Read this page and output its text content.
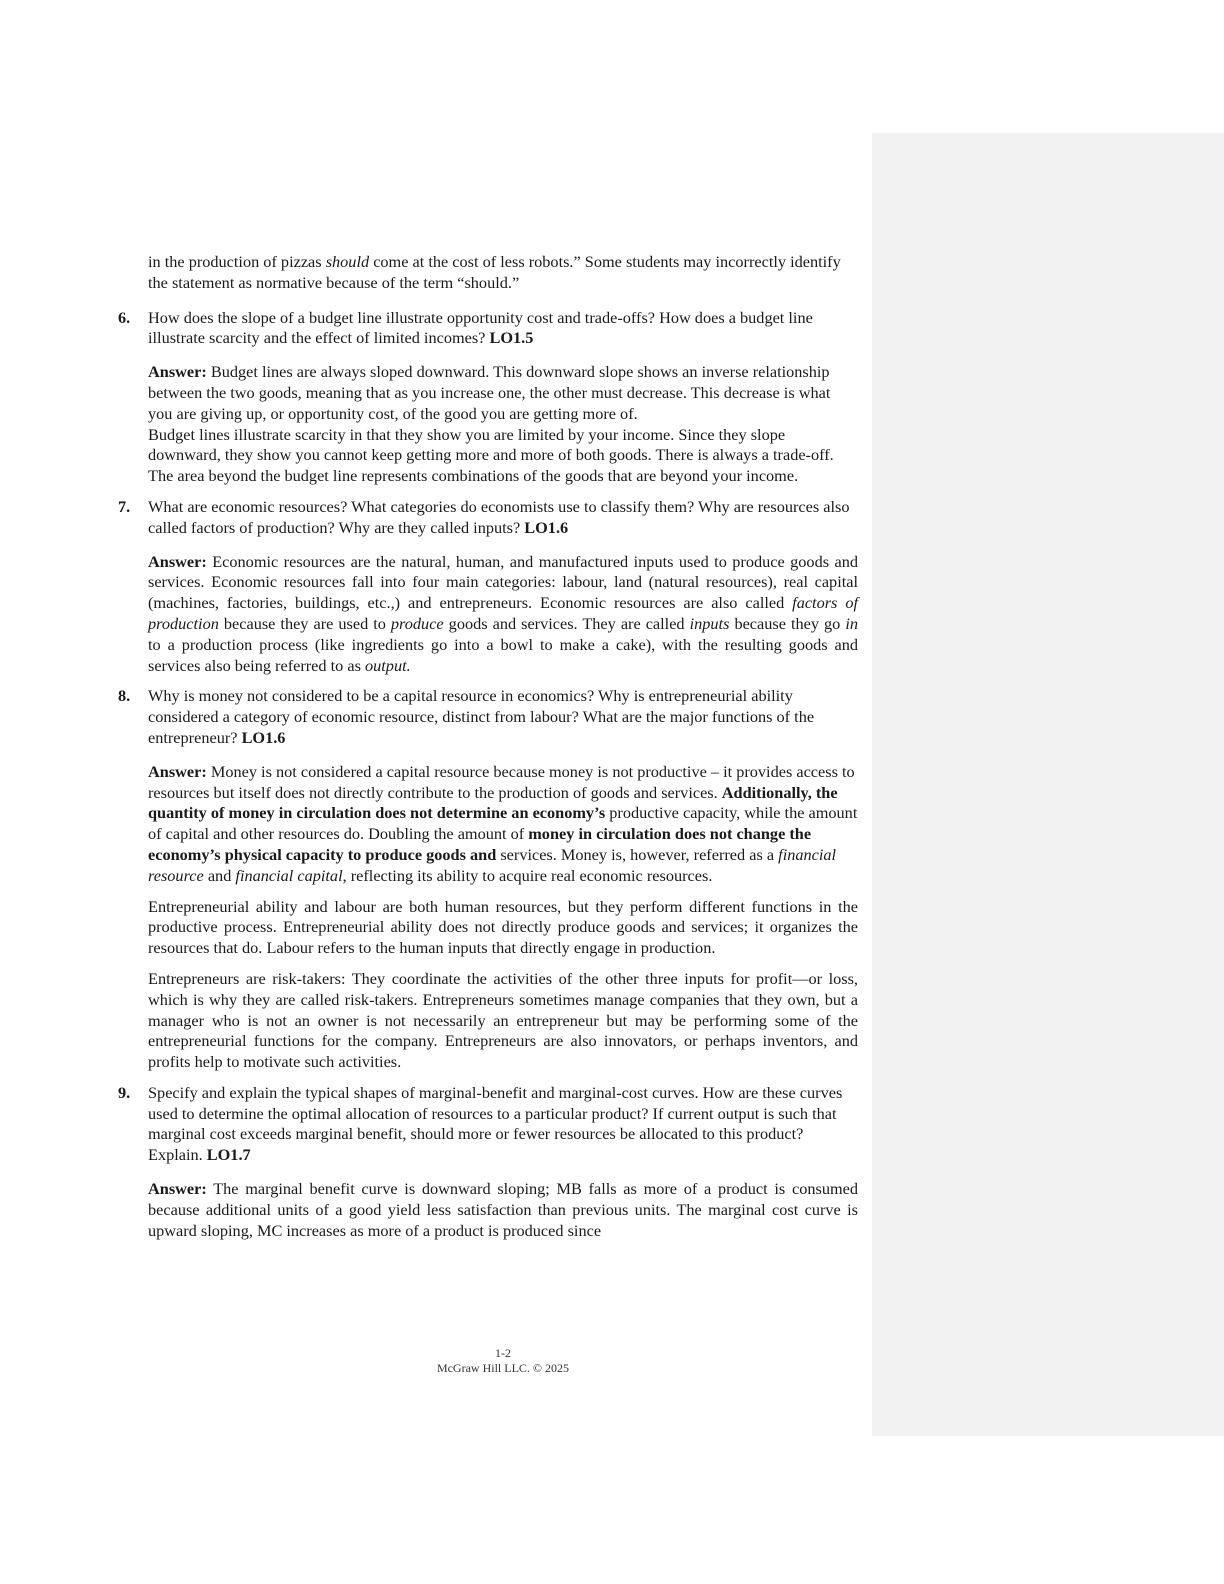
in the production of pizzas should come at the cost of less robots.” Some students may incorrectly identify the statement as normative because of the term “should.”

6.	How does the slope of a budget line illustrate opportunity cost and trade-offs? How does a budget line illustrate scarcity and the effect of limited incomes? LO1.5

Answer: Budget lines are always sloped downward. This downward slope shows an inverse relationship between the two goods, meaning that as you increase one, the other must decrease. This decrease is what you are giving up, or opportunity cost, of the good you are getting more of.

Budget lines illustrate scarcity in that they show you are limited by your income. Since they slope downward, they show you cannot keep getting more and more of both goods. There is always a trade-off. The area beyond the budget line represents combinations of the goods that are beyond your income.

7.	What are economic resources? What categories do economists use to classify them? Why are resources also called factors of production? Why are they called inputs? LO1.6

Answer: Economic resources are the natural, human, and manufactured inputs used to produce goods and services. Economic resources fall into four main categories: labour, land (natural resources), real capital (machines, factories, buildings, etc.,) and entrepreneurs. Economic resources are also called factors of production because they are used to produce goods and services. They are called inputs because they go in to a production process (like ingredients go into a bowl to make a cake), with the resulting goods and services also being referred to as output.

8.	Why is money not considered to be a capital resource in economics? Why is entrepreneurial ability considered a category of economic resource, distinct from labour? What are the major functions of the entrepreneur? LO1.6

Answer: Money is not considered a capital resource because money is not productive – it provides access to resources but itself does not directly contribute to the production of goods and services. Additionally, the quantity of money in circulation does not determine an economy’s productive capacity, while the amount of capital and other resources do. Doubling the amount of money in circulation does not change the economy’s physical capacity to produce goods and services. Money is, however, referred as a financial resource and financial capital, reflecting its ability to acquire real economic resources.

Entrepreneurial ability and labour are both human resources, but they perform different functions in the productive process. Entrepreneurial ability does not directly produce goods and services; it organizes the resources that do. Labour refers to the human inputs that directly engage in production.

Entrepreneurs are risk-takers: They coordinate the activities of the other three inputs for profit—or loss, which is why they are called risk-takers. Entrepreneurs sometimes manage companies that they own, but a manager who is not an owner is not necessarily an entrepreneur but may be performing some of the entrepreneurial functions for the company. Entrepreneurs are also innovators, or perhaps inventors, and profits help to motivate such activities.

9.	Specify and explain the typical shapes of marginal-benefit and marginal-cost curves. How are these curves used to determine the optimal allocation of resources to a particular product? If current output is such that marginal cost exceeds marginal benefit, should more or fewer resources be allocated to this product? Explain. LO1.7

Answer: The marginal benefit curve is downward sloping; MB falls as more of a product is consumed because additional units of a good yield less satisfaction than previous units. The marginal cost curve is upward sloping, MC increases as more of a product is produced since

1-2
McGraw Hill LLC. © 2025
